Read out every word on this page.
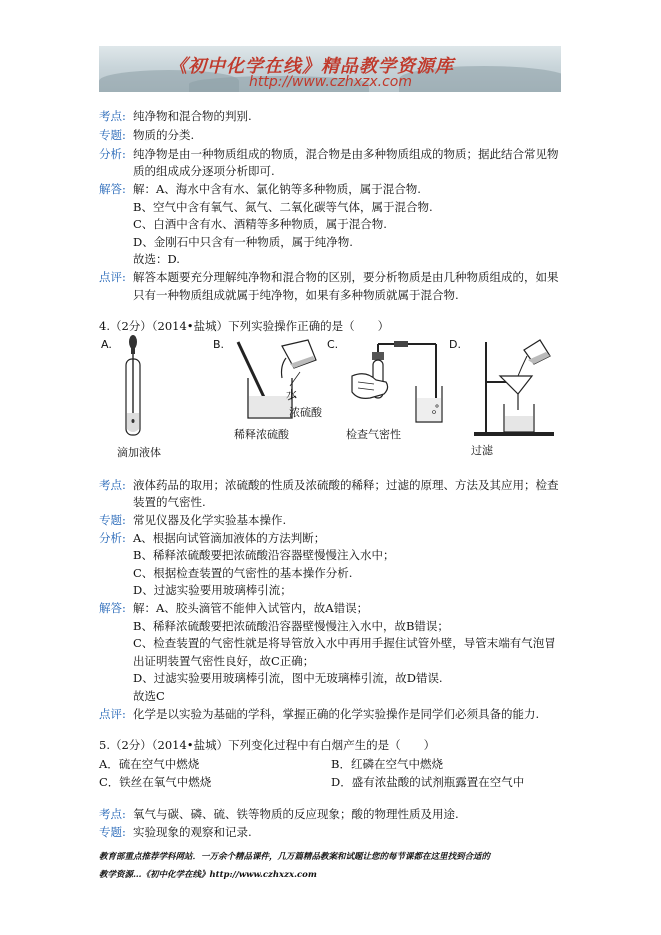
《初中化学在线》精品教学资源库
http://www.czhxzx.com
考点: 纯净物和混合物的判别.
专题: 物质的分类.
分析: 纯净物是由一种物质组成的物质，混合物是由多种物质组成的物质；据此结合常见物
质的组成成分逐项分析即可.
解答: 解：A、海水中含有水、氯化钠等多种物质，属于混合物.
B、空气中含有氧气、氮气、二氧化碳等气体，属于混合物.
C、白酒中含有水、酒精等多种物质，属于混合物.
D、金刚石中只含有一种物质，属于纯净物.
故选：D.
点评: 解答本题要充分理解纯净物和混合物的区别，要分析物质是由几种物质组成的，如果
只有一种物质组成就属于纯净物，如果有多种物质就属于混合物.
4.（2分）（2014•盐城）下列实验操作正确的是（　　）
A.	B.	C.	D.
滴加液体
水
浓硫酸
稀释浓硫酸	检查气密性
过滤
考点: 液体药品的取用；浓硫酸的性质及浓硫酸的稀释；过滤的原理、方法及其应用；检查
装置的气密性.
专题: 常见仪器及化学实验基本操作.
分析: A、根据向试管滴加液体的方法判断；
B、稀释浓硫酸要把浓硫酸沿容器壁慢慢注入水中；
C、根据检查装置的气密性的基本操作分析.
D、过滤实验要用玻璃棒引流；
解答: 解：A、胶头滴管不能伸入试管内，故A错误；
B、稀释浓硫酸要把浓硫酸沿容器壁慢慢注入水中，故B错误；
C、检查装置的气密性就是将导管放入水中再用手握住试管外壁，导管末端有气泡冒
出证明装置气密性良好，故C正确；
D、过滤实验要用玻璃棒引流，图中无玻璃棒引流，故D错误.
故选C
点评: 化学是以实验为基础的学科，掌握正确的化学实验操作是同学们必须具备的能力.
5.（2分）（2014•盐城）下列变化过程中有白烟产生的是（　　）
A．硫在空气中燃烧	B．红磷在空气中燃烧
C．铁丝在氧气中燃烧	D．盛有浓盐酸的试剂瓶露置在空气中
考点: 氧气与碳、磷、硫、铁等物质的反应现象；酸的物理性质及用途.
专题: 实验现象的观察和记录.
教育部重点推荐学科网站．一万余个精品课件，几万篇精品教案和试题让您的每节课都在这里找到合适的
教学资源…《初中化学在线》http://www.czhxzx.com
